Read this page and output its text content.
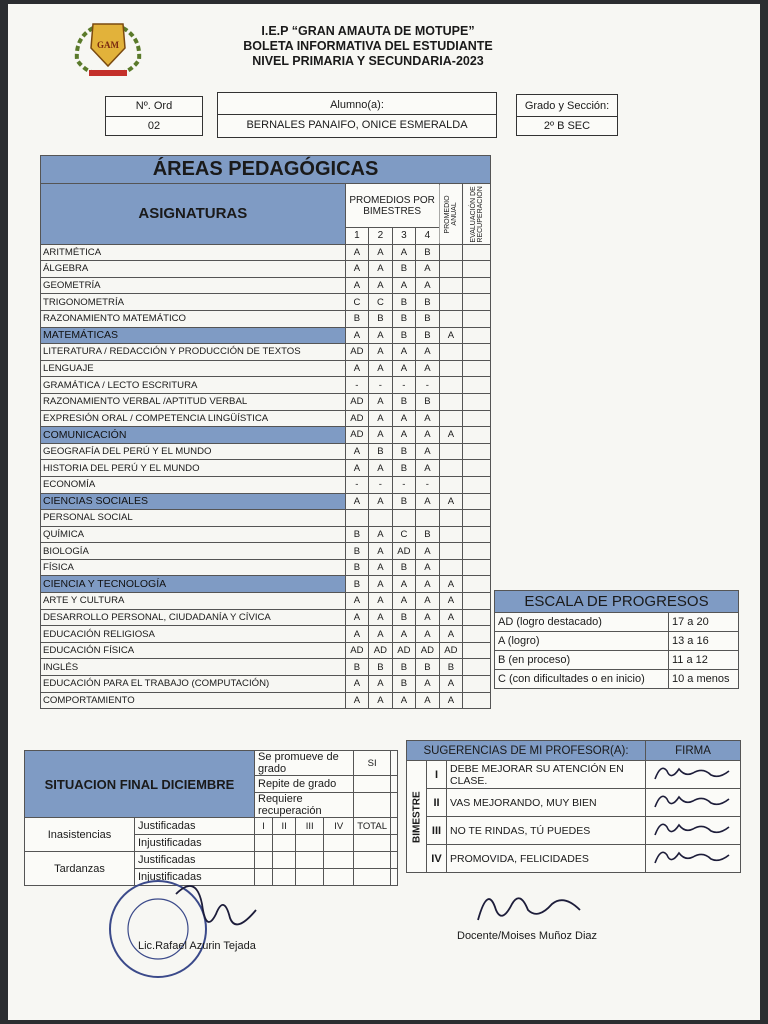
GAM
I.E.P “GRAN AMAUTA DE MOTUPE”
BOLETA INFORMATIVA DEL ESTUDIANTE
NIVEL PRIMARIA Y SECUNDARIA-2023
Nº. Ord
02
Alumno(a):
BERNALES PANAIFO, ONICE ESMERALDA
Grado y Sección:
2º B SEC
ÁREAS PEDAGÓGICAS						
ASIGNATURAS	PROMEDIOS POR BIMESTRES				PROMEDIO ANUAL	EVALUACIÓN DE RECUPERACIÓN
	1	2	3	4		
ARITMÉTICA	A	A	A	B		
ÁLGEBRA	A	A	B	A		
GEOMETRÍA	A	A	A	A		
TRIGONOMETRÍA	C	C	B	B		
RAZONAMIENTO MATEMÁTICO	B	B	B	B		
MATEMÁTICAS	A	A	B	B	A	
LITERATURA / REDACCIÓN Y PRODUCCIÓN DE TEXTOS	AD	A	A	A		
LENGUAJE	A	A	A	A		
GRAMÁTICA / LECTO ESCRITURA	-	-	-	-		
RAZONAMIENTO VERBAL /APTITUD VERBAL	AD	A	B	B		
EXPRESIÓN ORAL / COMPETENCIA LINGÜÍSTICA	AD	A	A	A		
COMUNICACIÓN	AD	A	A	A	A	
GEOGRAFÍA DEL PERÚ Y EL MUNDO	A	B	B	A		
HISTORIA DEL PERÚ Y EL MUNDO	A	A	B	A		
ECONOMÍA	-	-	-	-		
CIENCIAS SOCIALES	A	A	B	A	A	
PERSONAL SOCIAL						
QUÍMICA	B	A	C	B		
BIOLOGÍA	B	A	AD	A		
FÍSICA	B	A	B	A		
CIENCIA Y TECNOLOGÍA	B	A	A	A	A	
ARTE Y CULTURA	A	A	A	A	A	
DESARROLLO PERSONAL, CIUDADANÍA Y CÍVICA	A	A	B	A	A	
EDUCACIÓN RELIGIOSA	A	A	A	A	A	
EDUCACIÓN FÍSICA	AD	AD	AD	AD	AD	
INGLÉS	B	B	B	B	B	
EDUCACIÓN PARA EL TRABAJO (COMPUTACIÓN)	A	A	B	A	A	
COMPORTAMIENTO	A	A	A	A	A	
ESCALA DE PROGRESOS	
AD (logro destacado)	17 a 20
A (logro)	13 a 16
B (en proceso)	11 a 12
C (con dificultades o en inicio)	10 a menos
SITUACION FINAL DICIEMBRE		Se promueve de grado				SI	
		Repite de grado					
		Requiere recuperación					
Inasistencias	Justificadas	I	II	III	IV	TOTAL	
	Injustificadas						
Tardanzas	Justificadas						
	Injustificadas						
SUGERENCIAS DE MI PROFESOR(A):			FIRMA
BIMESTRE	I	DEBE MEJORAR SU ATENCIÓN EN CLASE.	
	II	VAS MEJORANDO, MUY BIEN	
	III	NO TE RINDAS, TÚ PUEDES	
	IV	PROMOVIDA, FELICIDADES	
Lic.Rafael Azurin Tejada
Docente/Moises Muñoz Diaz
